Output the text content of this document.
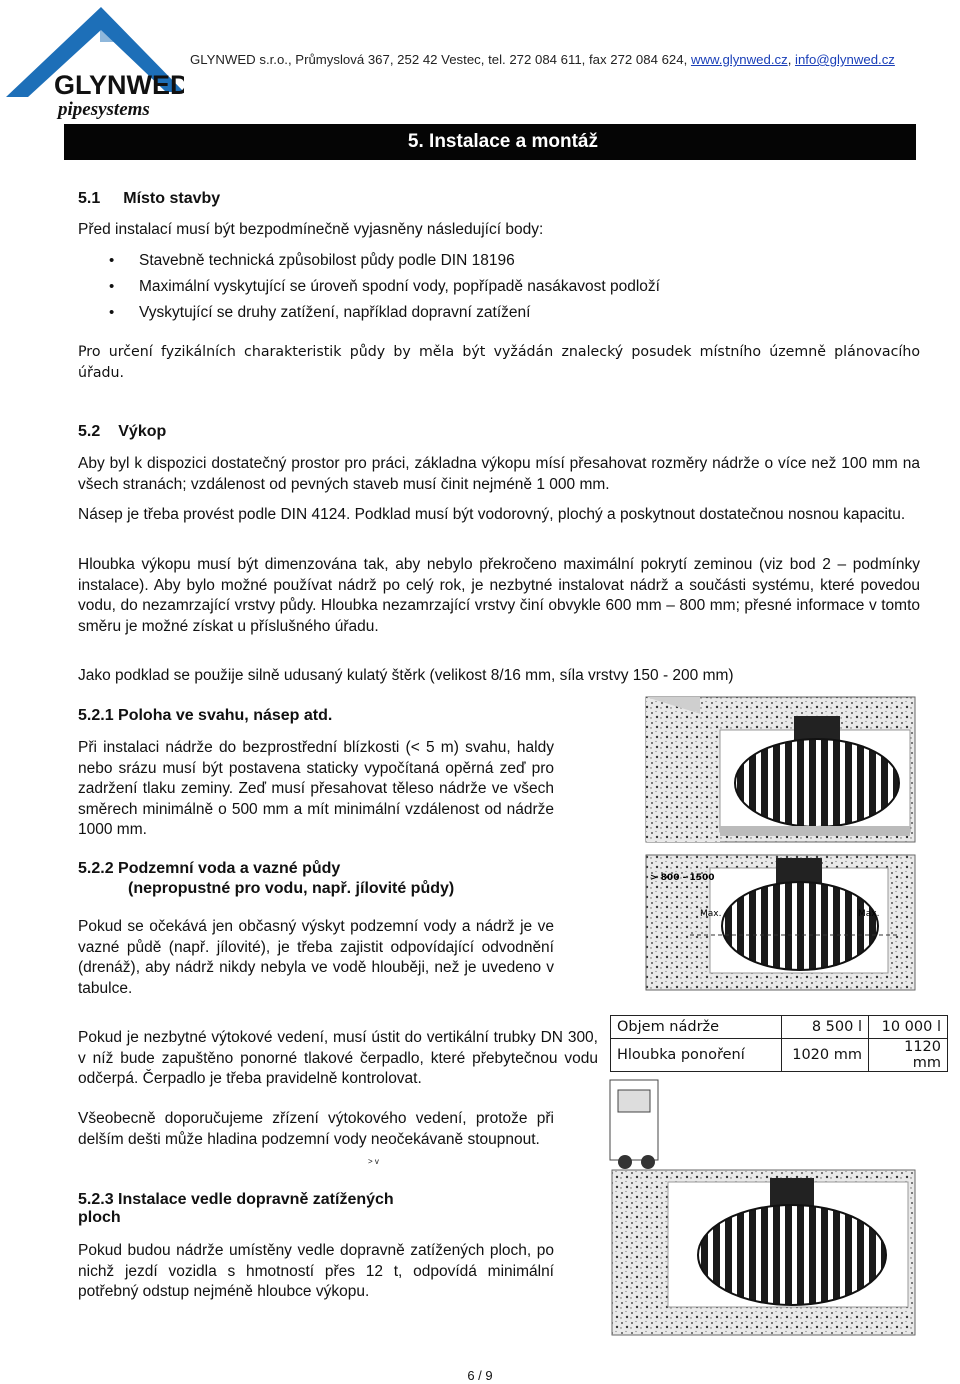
GLYNWED
pipesystems
GLYNWED s.r.o., Průmyslová 367, 252 42 Vestec, tel. 272 084 611, fax 272 084 624, www.glynwed.cz, info@glynwed.cz
5. Instalace a montáž
5.1 Místo stavby
Před instalací musí být bezpodmínečně vyjasněny následující body:
• Stavebně technická způsobilost půdy podle DIN 18196
• Maximální vyskytující se úroveň spodní vody, popřípadě nasákavost podloží
• Vyskytující se druhy zatížení, například dopravní zatížení
Pro určení fyzikálních charakteristik půdy by měla být vyžádán znalecký posudek místního územně plánovacího úřadu.
5.2 Výkop
Aby byl k dispozici dostatečný prostor pro práci, základna výkopu mísí přesahovat rozměry nádrže o více než 100 mm na všech stranách; vzdálenost od pevných staveb musí činit nejméně 1 000 mm.
Násep je třeba provést podle DIN 4124. Podklad musí být vodorovný, plochý a poskytnout dostatečnou nosnou kapacitu.
Hloubka výkopu musí být dimenzována tak, aby nebylo překročeno maximální pokrytí zeminou (viz bod 2 – podmínky instalace). Aby bylo možné používat nádrž po celý rok, je nezbytné instalovat nádrž a součásti systému, které povedou vodu, do nezamrzající vrstvy půdy. Hloubka nezamrzající vrstvy činí obvykle 600 mm – 800 mm; přesné informace v tomto směru je možné získat u příslušného úřadu.
Jako podklad se použije silně udusaný kulatý štěrk (velikost 8/16 mm, síla vrstvy 150 - 200 mm)
5.2.1 Poloha ve svahu, násep atd.
Při instalaci nádrže do bezprostřední blízkosti (< 5 m) svahu, haldy nebo srázu musí být postavena staticky vypočítaná opěrná zeď pro zadržení tlaku zeminy. Zeď musí přesahovat těleso nádrže ve všech směrech minimálně o 500 mm a mít minimální vzdálenost od nádrže 1000 mm.
5.2.2 Podzemní voda a vazné půdy
(nepropustné pro vodu, např. jílovité půdy)
Pokud se očekává jen občasný výskyt podzemní vody a nádrž je ve vazné půdě (např. jílovité), je třeba zajistit odpovídající odvodnění (drenáž), aby nádrž nikdy nebyla ve vodě hlouběji, než je uvedeno v tabulce.
Pokud je nezbytné výtokové vedení, musí ústit do vertikální trubky DN 300, v níž bude zapuštěno ponorné tlakové čerpadlo, které přebytečnou vodu odčerpá. Čerpadlo je třeba pravidelně kontrolovat.
Všeobecně doporučujeme zřízení výtokového vedení, protože při delším dešti může hladina podzemní vody neočekávaně stoupnout.
> v
5.2.3 Instalace vedle dopravně zatížených
ploch
Pokud budou nádrže umístěny vedle dopravně zatížených ploch, po nichž jezdí vozidla s hmotností přes 12 t, odpovídá minimální potřebný odstup nejméně hloubce výkopu.
Objem nádrže	8 500 l	10 000 l
Hloubka ponoření	1020 mm	1120 mm
> 800 - 1500
Max.	Max.
6 / 9
